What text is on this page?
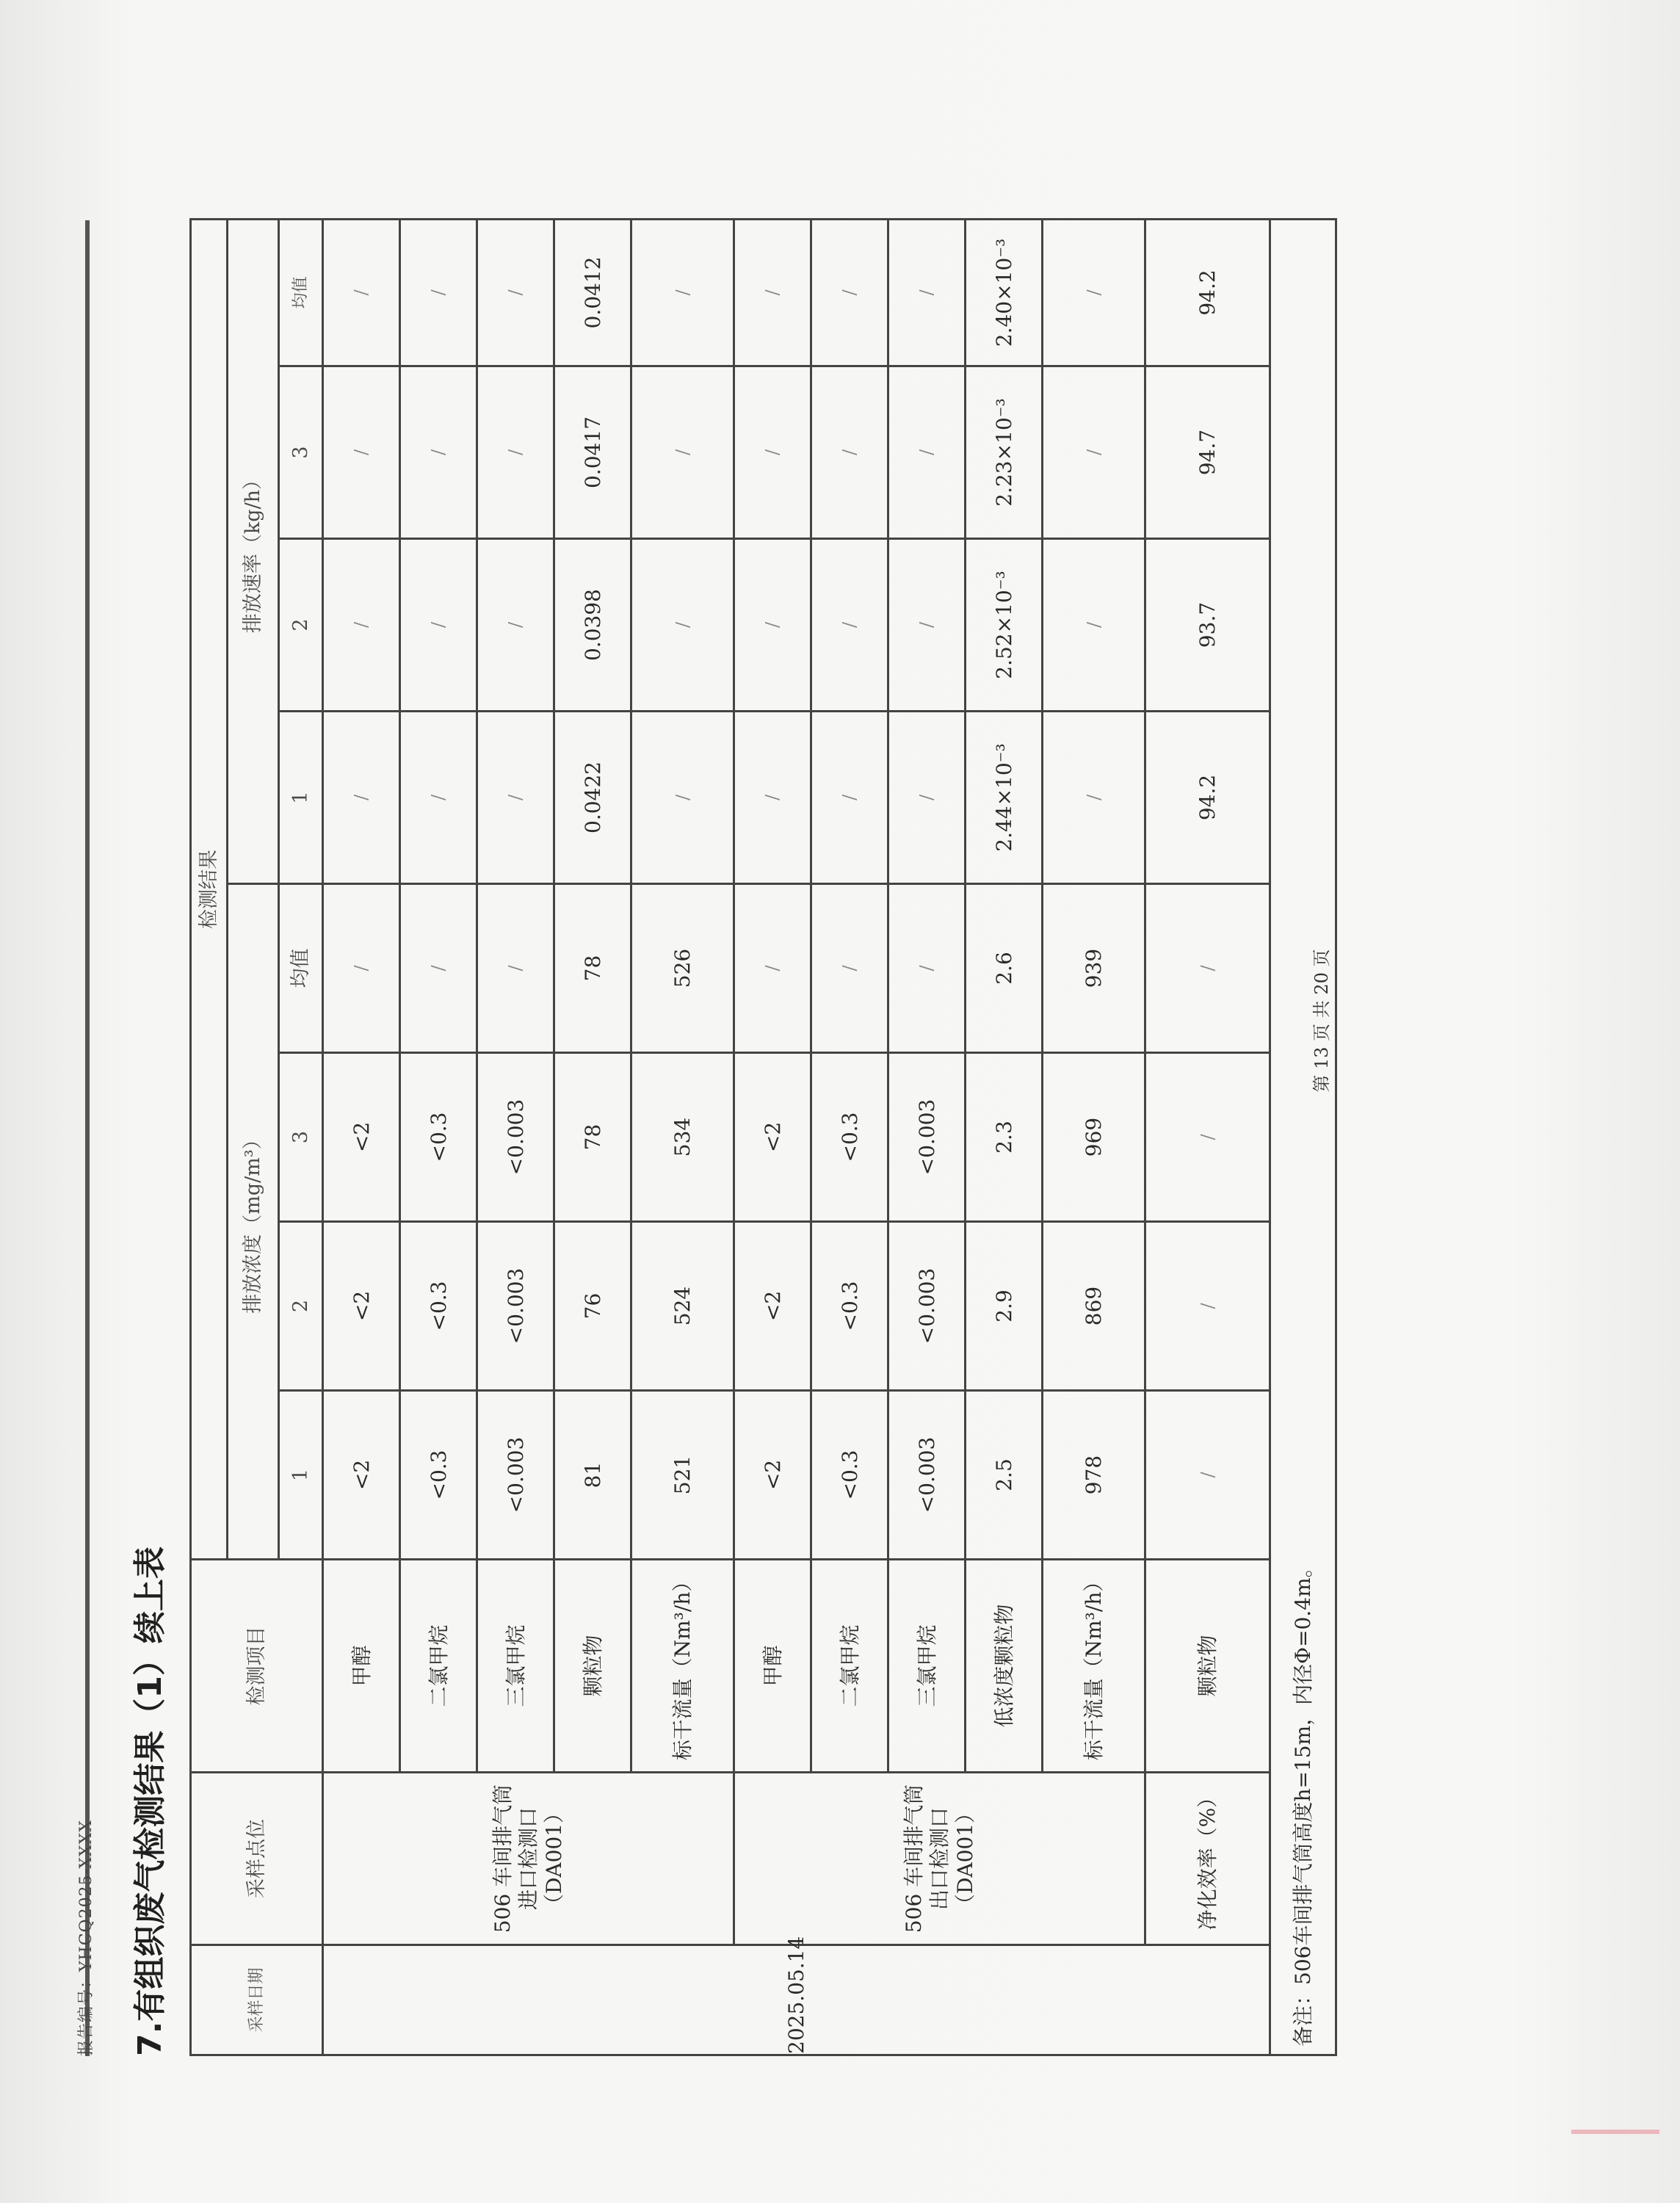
报告编号：YHCQ2025-XXXX 7.有组织废气检测结果（1）续上表	采样日期	采样点位	检测项目	检测结果							
			排放浓度（mg/m³）				排放速率（kg/h）			
			1	2	3	均值	1	2	3	均值
2025.05.14	506 车间排气筒 进口检测口 （DA001）	甲醇	<2	<2	<2	/	/	/	/	/
		二氯甲烷	<0.3	<0.3	<0.3	/	/	/	/	/
		三氯甲烷	<0.003	<0.003	<0.003	/	/	/	/	/
		颗粒物	81	76	78	78	0.0422	0.0398	0.0417	0.0412
		标干流量（Nm³/h）	521	524	534	526	/	/	/	/
	506 车间排气筒 出口检测口 （DA001）	甲醇	<2	<2	<2	/	/	/	/	/
		二氯甲烷	<0.3	<0.3	<0.3	/	/	/	/	/
		三氯甲烷	<0.003	<0.003	<0.003	/	/	/	/	/
		低浓度颗粒物	2.5	2.9	2.3	2.6	2.44×10⁻³	2.52×10⁻³	2.23×10⁻³	2.40×10⁻³
		标干流量（Nm³/h）	978	869	969	939	/	/	/	/
	净化效率（%）	颗粒物	/	/	/	/	94.2	93.7	94.7	94.2
备注：506车间排气筒高度h=15m，内径Φ=0.4m。										
第 13 页 共 20 页
